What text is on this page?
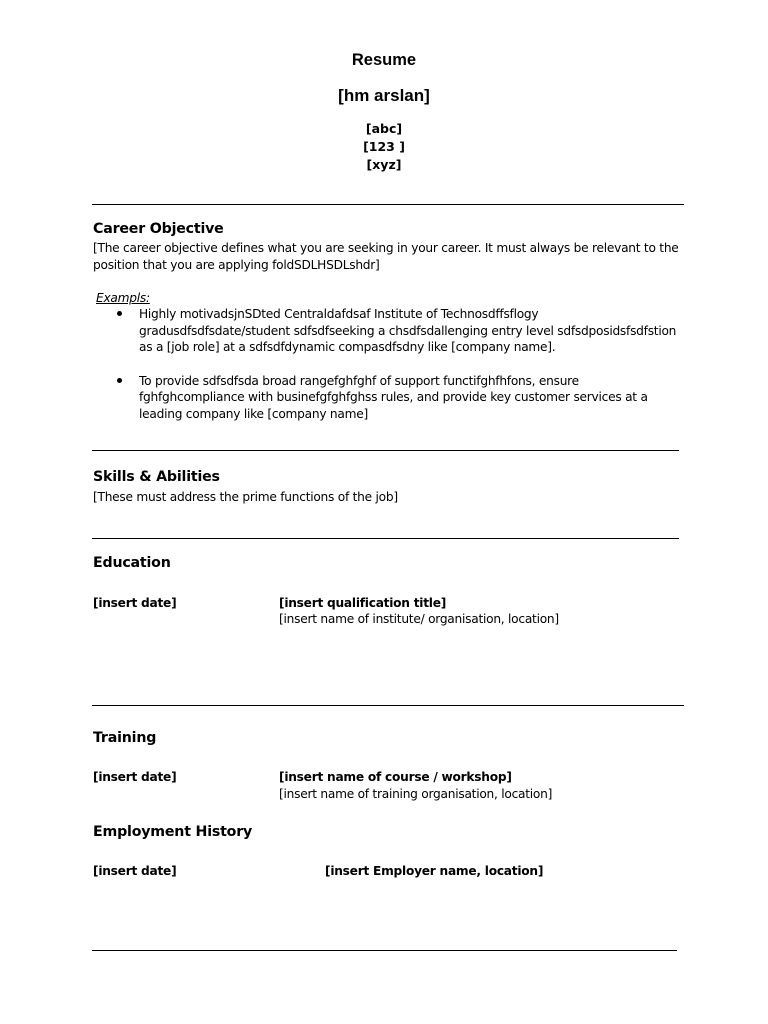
Resume
[hm arslan]
[abc]
[123 ]
[xyz]
Career Objective
[The career objective defines what you are seeking in your career. It must always be relevant to the
position that you are applying foldSDLHSDLshdr]
Exampls:
Highly motivadsjnSDted Centraldafdsaf Institute of Technosdffsflogy
gradusdfsdfsdate/student sdfsdfseeking a chsdfsdallenging entry level sdfsdposidsfsdfstion
as a [job role] at a sdfsdfdynamic compasdfsdny like [company name].
To provide sdfsdfsda broad rangefghfghf of support functifghfhfons, ensure
fghfghcompliance with businefgfghfghss rules, and provide key customer services at a
leading company like [company name]
Skills & Abilities
[These must address the prime functions of the job]
Education
[insert date]	[insert qualification title]
[insert name of institute/ organisation, location]
Training
[insert date]	[insert name of course / workshop]
[insert name of training organisation, location]
Employment History
[insert date]	[insert Employer name, location]
